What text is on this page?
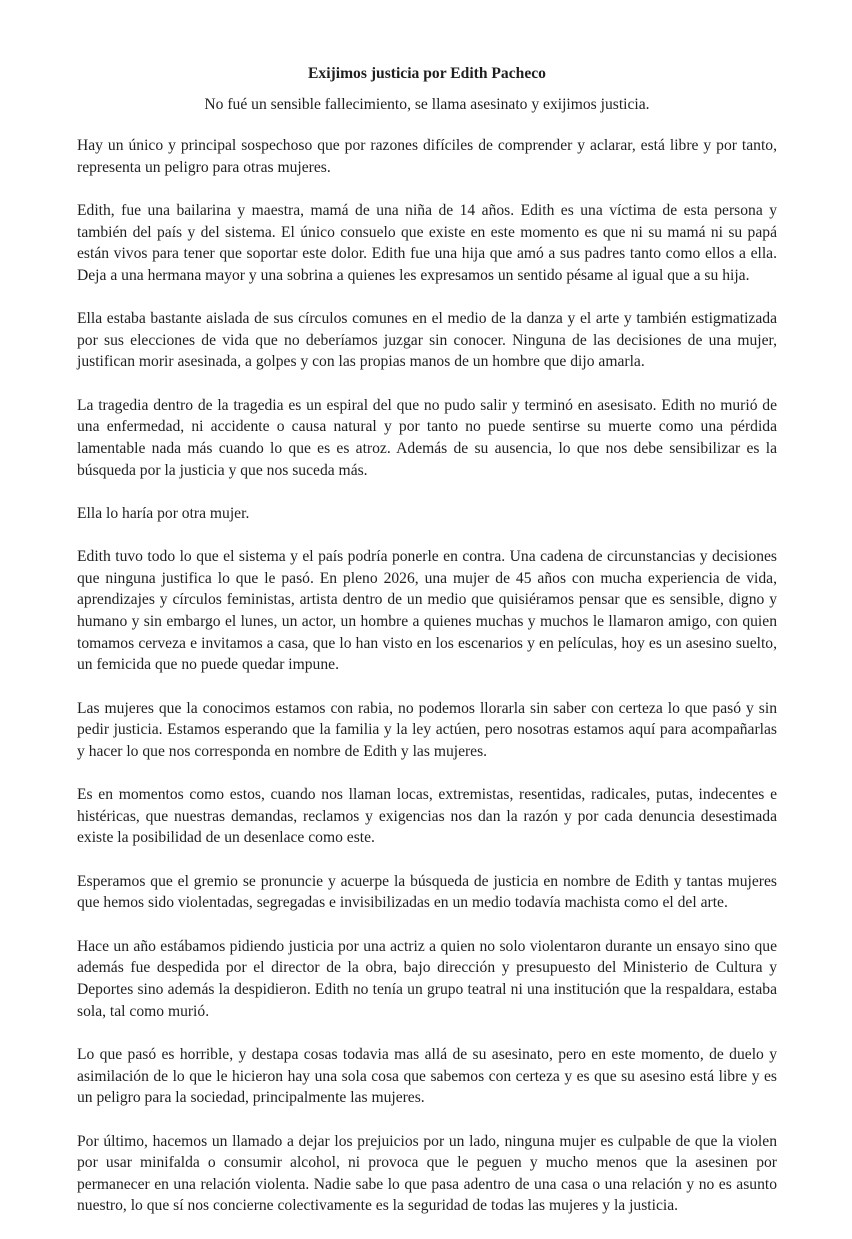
Exijimos justicia por Edith Pacheco

No fué un sensible fallecimiento, se llama asesinato y exijimos justicia.

Hay un único y principal sospechoso que por razones difíciles de comprender y aclarar, está libre y por tanto, representa un peligro para otras mujeres.

Edith, fue una bailarina y maestra, mamá de una niña de 14 años. Edith es una víctima de esta persona y también del país y del sistema. El único consuelo que existe en este momento es que ni su mamá ni su papá están vivos para tener que soportar este dolor. Edith fue una hija que amó a sus padres tanto como ellos a ella. Deja a una hermana mayor y una sobrina a quienes les expresamos un sentido pésame al igual que a su hija.

Ella estaba bastante aislada de sus círculos comunes en el medio de la danza y el arte y también estigmatizada por sus elecciones de vida que no deberíamos juzgar sin conocer. Ninguna de las decisiones de una mujer, justifican morir asesinada, a golpes y con las propias manos de un hombre que dijo amarla.

La tragedia dentro de la tragedia es un espiral del que no pudo salir y terminó en asesisato. Edith no murió de una enfermedad, ni accidente o causa natural y por tanto no puede sentirse su muerte como una pérdida lamentable nada más cuando lo que es es atroz. Además de su ausencia, lo que nos debe sensibilizar es la búsqueda por la justicia y que nos suceda más.

Ella lo haría por otra mujer.

Edith tuvo todo lo que el sistema y el país podría ponerle en contra. Una cadena de circunstancias y decisiones que ninguna justifica lo que le pasó. En pleno 2026, una mujer de 45 años con mucha experiencia de vida, aprendizajes y círculos feministas, artista dentro de un medio que quisiéramos pensar que es sensible, digno y humano y sin embargo el lunes, un actor, un hombre a quienes muchas y muchos le llamaron amigo, con quien tomamos cerveza e invitamos a casa, que lo han visto en los escenarios y en películas, hoy es un asesino suelto, un femicida que no puede quedar impune.

Las mujeres que la conocimos estamos con rabia, no podemos llorarla sin saber con certeza lo que pasó y sin pedir justicia. Estamos esperando que la familia y la ley actúen, pero nosotras estamos aquí para acompañarlas y hacer lo que nos corresponda en nombre de Edith y las mujeres.

Es en momentos como estos, cuando nos llaman locas, extremistas, resentidas, radicales, putas, indecentes e histéricas, que nuestras demandas, reclamos y exigencias nos dan la razón y por cada denuncia desestimada existe la posibilidad de un desenlace como este.

Esperamos que el gremio se pronuncie y acuerpe la búsqueda de justicia en nombre de Edith y tantas mujeres que hemos sido violentadas, segregadas e invisibilizadas en un medio todavía machista como el del arte.

Hace un año estábamos pidiendo justicia por una actriz a quien no solo violentaron durante un ensayo sino que además fue despedida por el director de la obra, bajo dirección y presupuesto del Ministerio de Cultura y Deportes sino además la despidieron. Edith no tenía un grupo teatral ni una institución que la respaldara, estaba sola, tal como murió.

Lo que pasó es horrible, y destapa cosas todavia mas allá de su asesinato, pero en este momento, de duelo y asimilación de lo que le hicieron hay una sola cosa que sabemos con certeza y es que su asesino está libre y es un peligro para la sociedad, principalmente las mujeres.

Por último, hacemos un llamado a dejar los prejuicios por un lado, ninguna mujer es culpable de que la violen por usar minifalda o consumir alcohol, ni provoca que le peguen y mucho menos que la asesinen por permanecer en una relación violenta. Nadie sabe lo que pasa adentro de una casa o una relación y no es asunto nuestro, lo que sí nos concierne colectivamente es la seguridad de todas las mujeres y la justicia.
